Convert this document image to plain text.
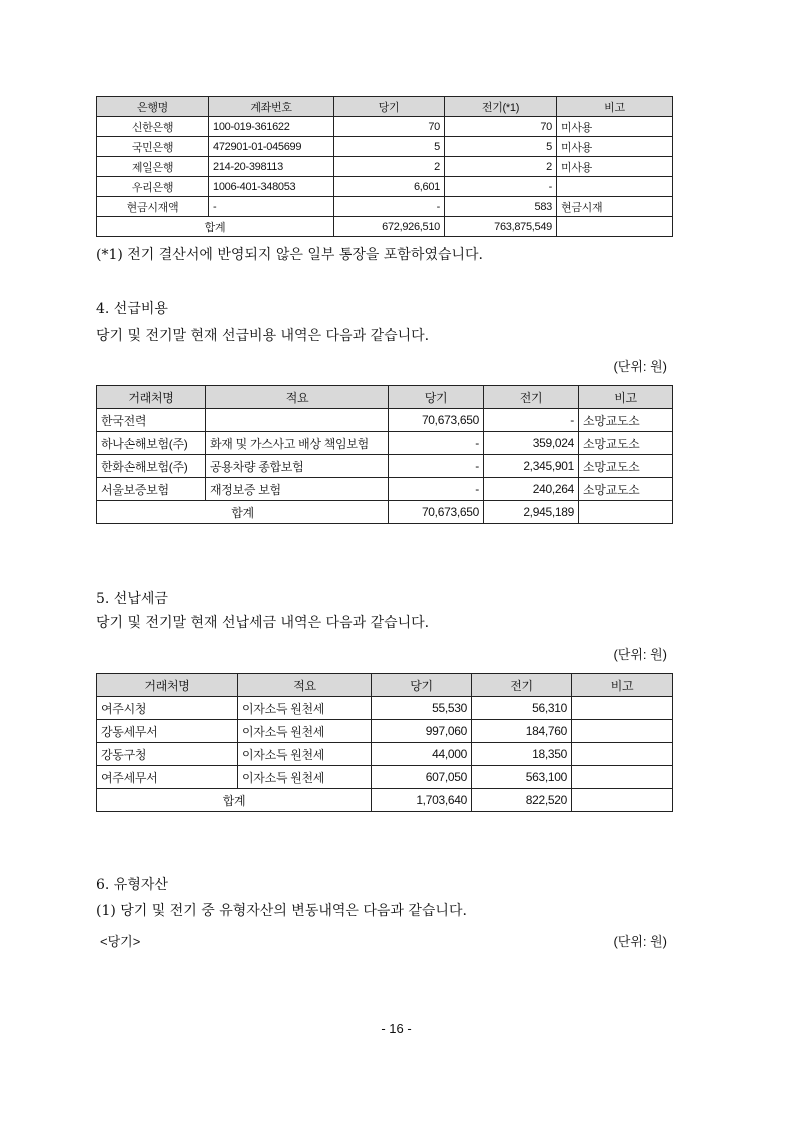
은행명	계좌번호	당기	전기(*1)	비고
신한은행	100-019-361622	70	70	미사용
국민은행	472901-01-045699	5	5	미사용
제일은행	214-20-398113	2	2	미사용
우리은행	1006-401-348053	6,601	-	
현금시재액	-	-	583	현금시재
합계		672,926,510	763,875,549	
(*1) 전기 결산서에 반영되지 않은 일부 통장을 포함하였습니다.
4. 선급비용
당기 및 전기말 현재 선급비용 내역은 다음과 같습니다.
(단위: 원)
거래처명	적요	당기	전기	비고
한국전력		70,673,650	-	소망교도소
하나손해보험(주)	화재 및 가스사고 배상 책임보험	-	359,024	소망교도소
한화손해보험(주)	공용차량 종합보험	-	2,345,901	소망교도소
서울보증보험	재정보증 보험	-	240,264	소망교도소
합계		70,673,650	2,945,189	
5. 선납세금
당기 및 전기말 현재 선납세금 내역은 다음과 같습니다.
(단위: 원)
거래처명	적요	당기	전기	비고
여주시청	이자소득 원천세	55,530	56,310	
강동세무서	이자소득 원천세	997,060	184,760	
강동구청	이자소득 원천세	44,000	18,350	
여주세무서	이자소득 원천세	607,050	563,100	
합계		1,703,640	822,520	
6. 유형자산
(1) 당기 및 전기 중 유형자산의 변동내역은 다음과 같습니다.
<당기>	(단위: 원)
- 16 -
